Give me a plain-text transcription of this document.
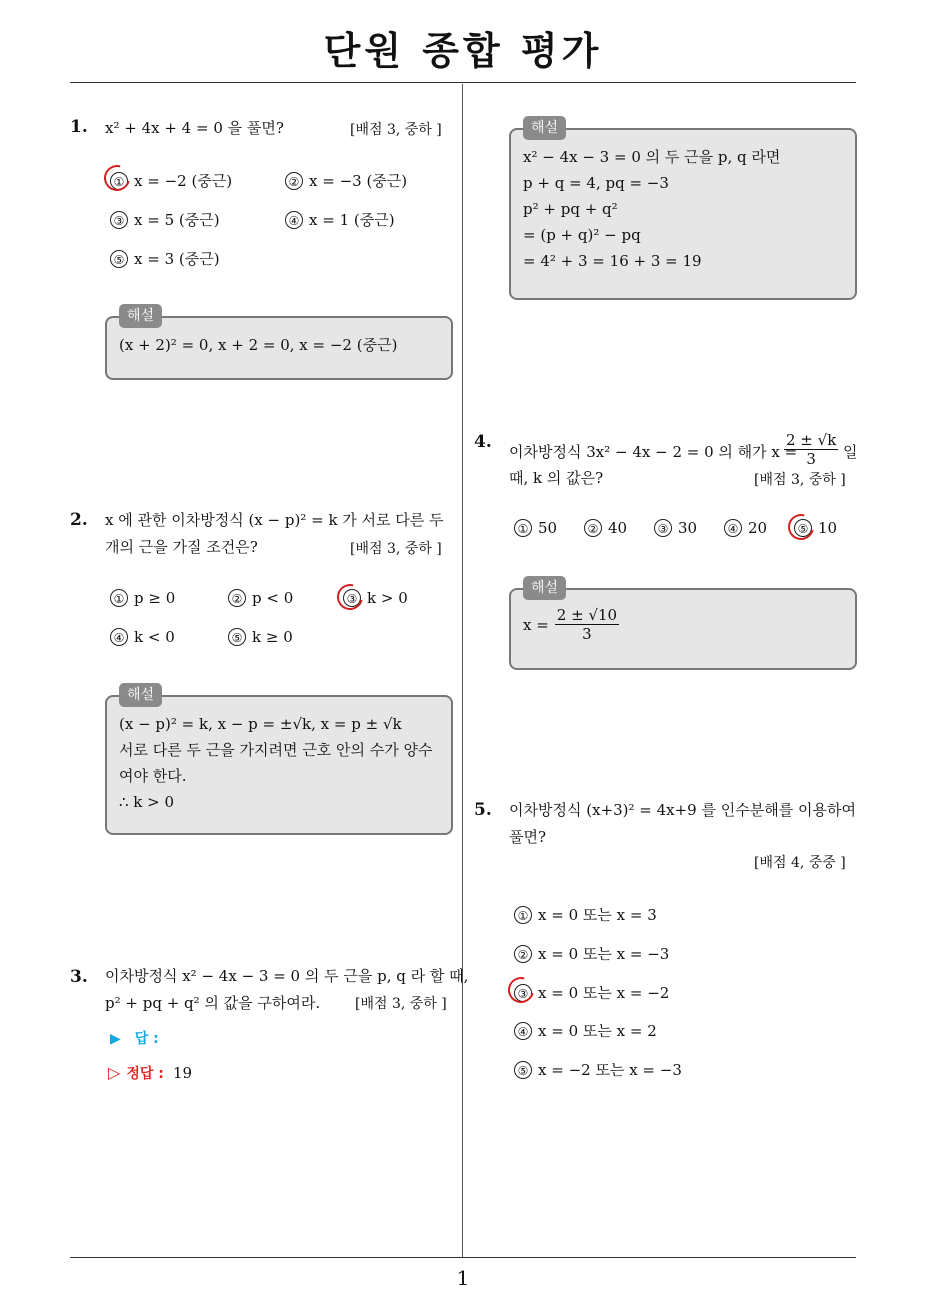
단원 종합 평가
1. x² + 4x + 4 = 0 을 풀면?	[배점 3, 중하 ]
① x = −2 (중근)	② x = −3 (중근)
③ x = 5 (중근)	④ x = 1 (중근)
⑤ x = 3 (중근)
해설
(x + 2)² = 0, x + 2 = 0, x = −2 (중근)
2. x 에 관한 이차방정식 (x − p)² = k 가 서로 다른 두
개의 근을 가질 조건은?	[배점 3, 중하 ]
① p ≥ 0	② p < 0	③ k > 0
④ k < 0	⑤ k ≥ 0
해설
(x − p)² = k, x − p = ±√k, x = p ± √k
서로 다른 두 근을 가지려면 근호 안의 수가 양수
여야 한다.
∴ k > 0
3. 이차방정식 x² − 4x − 3 = 0 의 두 근을 p, q 라 할 때,
p² + pq + q² 의 값을 구하여라. [배점 3, 중하 ]
▶ 답 :
▷ 정답 : 19
해설
x² − 4x − 3 = 0 의 두 근을 p, q 라면
p + q = 4, pq = −3
p² + pq + q²
= (p + q)² − pq
= 4² + 3 = 16 + 3 = 19
4. 이차방정식 3x² − 4x − 2 = 0 의 해가 x =
$\frac{2 \pm √k}{3}$ 일
때, k 의 값은?	[배점 3, 중하 ]
① 50	② 40	③ 30	④ 20	⑤ 10
해설
$x = \frac{2 \pm √10}{3}$
5. 이차방정식 (x+3)² = 4x+9 를 인수분해를 이용하여
풀면?
[배점 4, 중중 ]
① x = 0 또는 x = 3
② x = 0 또는 x = −3
③ x = 0 또는 x = −2
④ x = 0 또는 x = 2
⑤ x = −2 또는 x = −3
1
